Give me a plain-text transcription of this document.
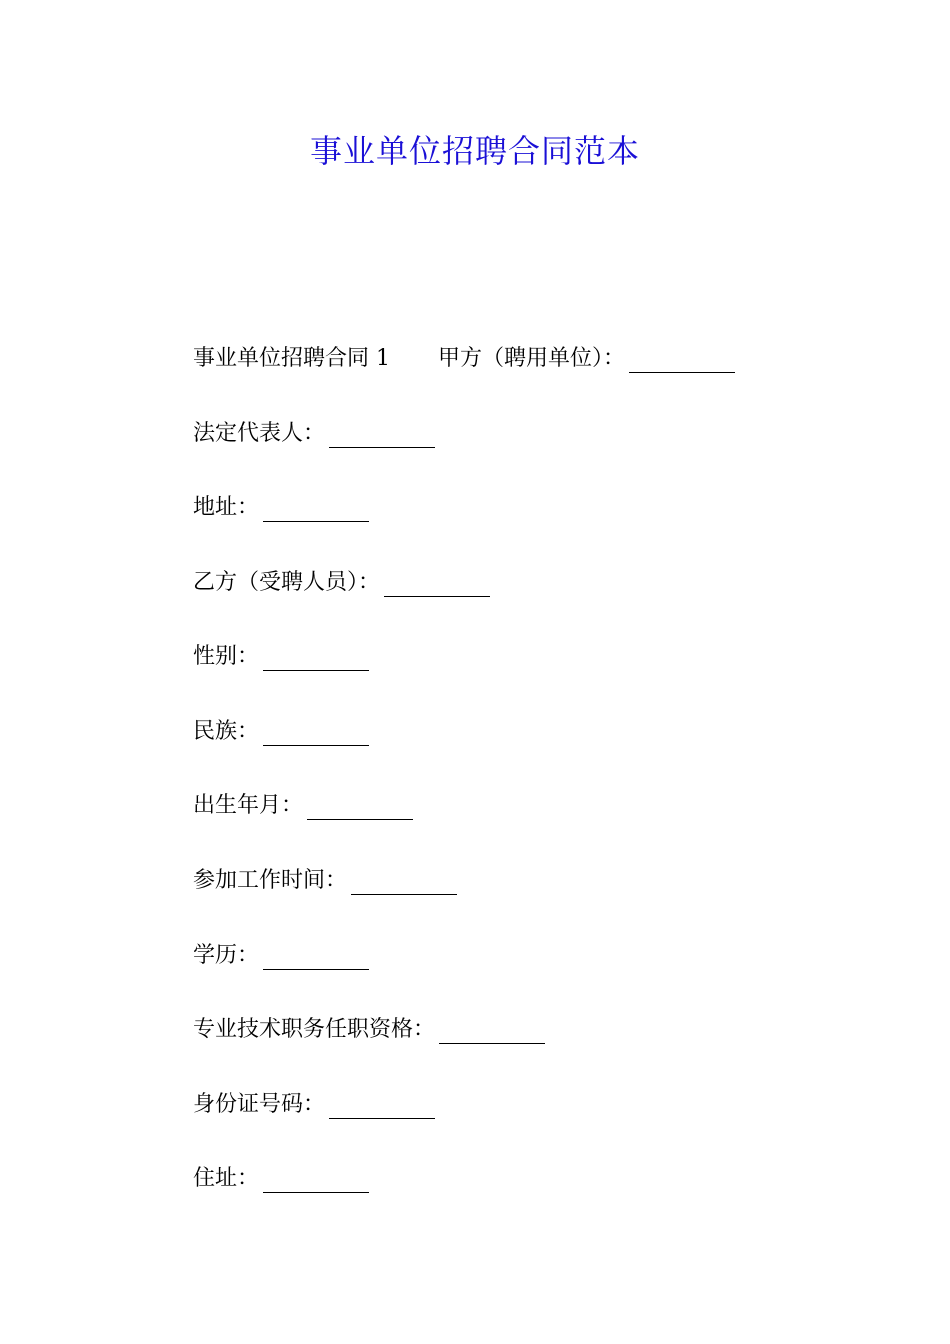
事业单位招聘合同范本
事业单位招聘合同 1 甲方（聘用单位）：
法定代表人：
地址：
乙方（受聘人员）：
性别：
民族：
出生年月：
参加工作时间：
学历：
专业技术职务任职资格：
身份证号码：
住址：
